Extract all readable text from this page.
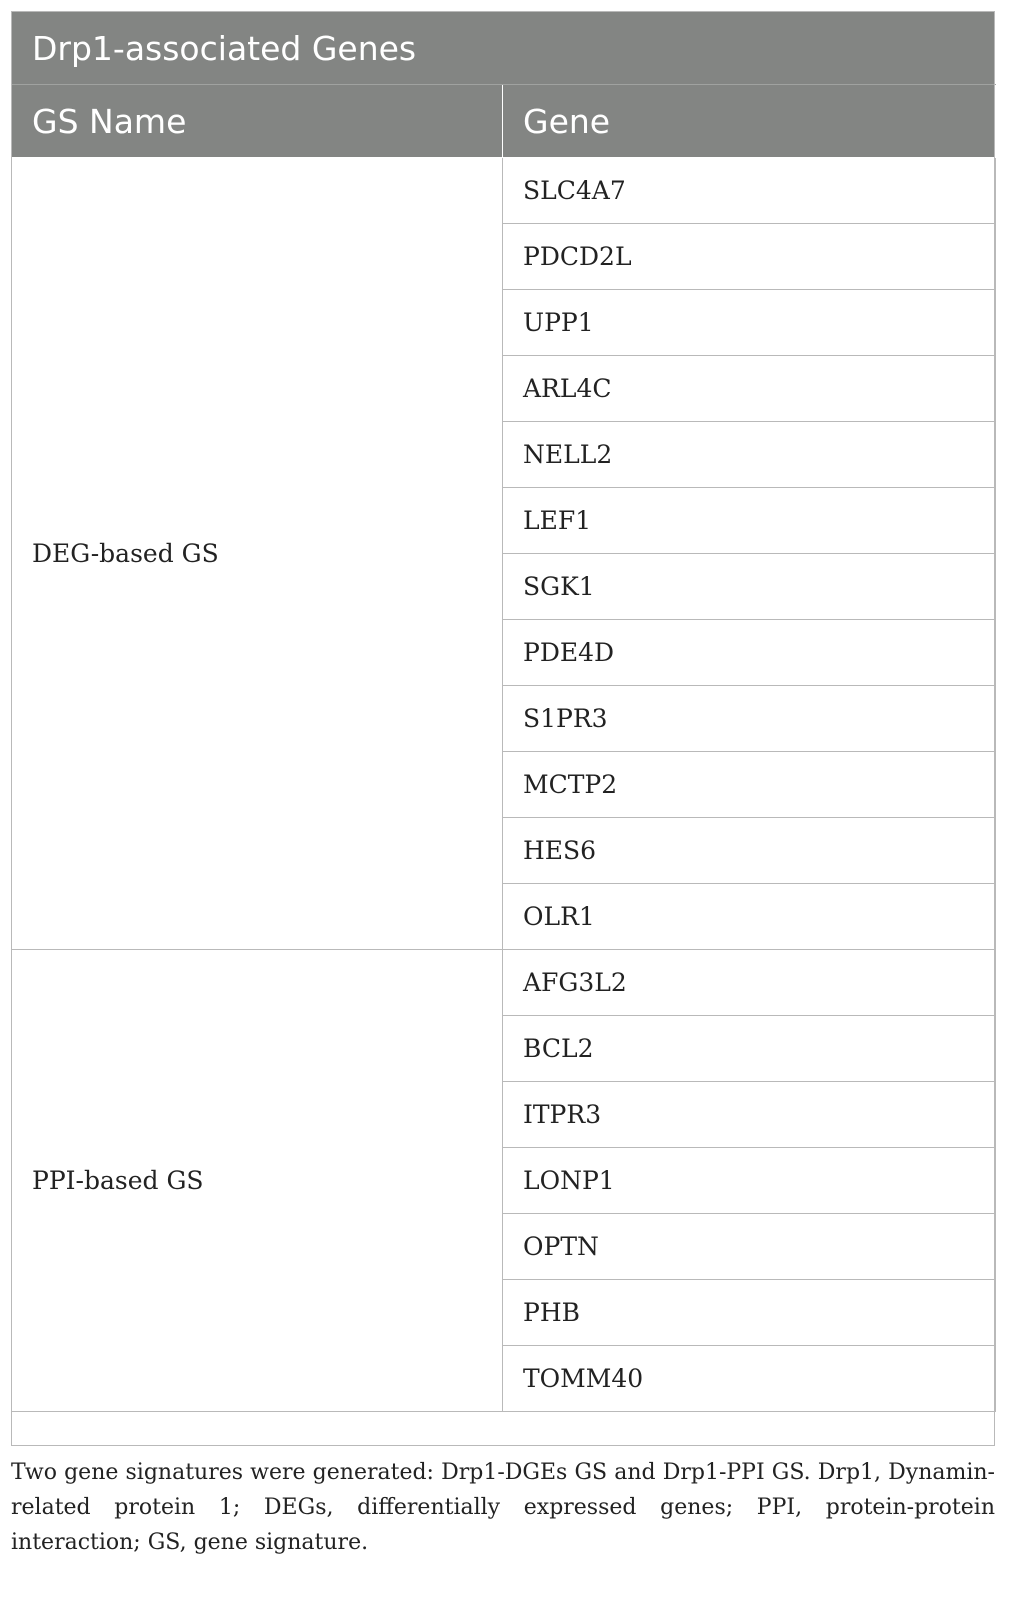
Drp1-associated Genes	
GS Name	Gene
DEG-based GS	SLC4A7
	PDCD2L
	UPP1
	ARL4C
	NELL2
	LEF1
	SGK1
	PDE4D
	S1PR3
	MCTP2
	HES6
	OLR1
PPI-based GS	AFG3L2
	BCL2
	ITPR3
	LONP1
	OPTN
	PHB
	TOMM40

Two gene signatures were generated: Drp1-DGEs GS and Drp1-PPI GS. Drp1, Dynamin-related protein 1; DEGs, differentially expressed genes; PPI, protein-protein interaction; GS, gene signature.
